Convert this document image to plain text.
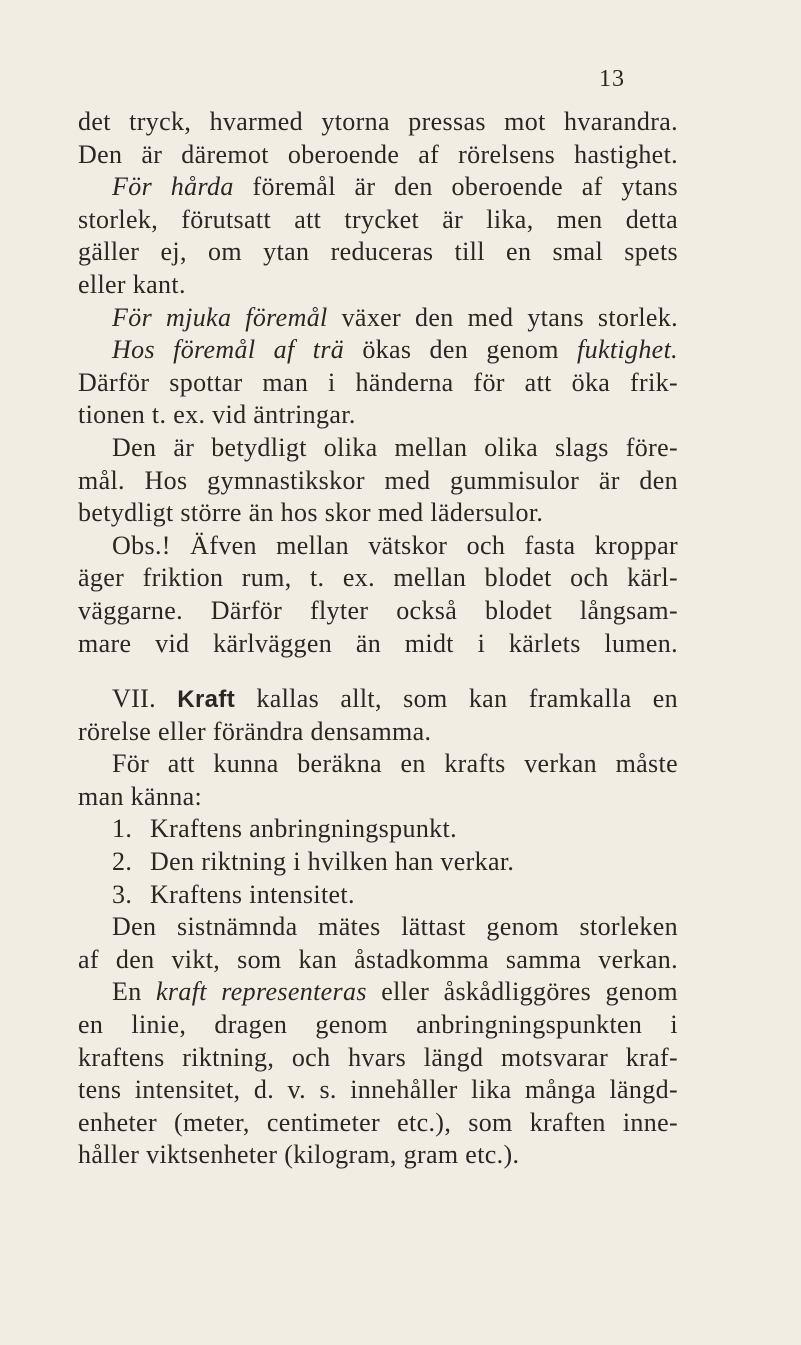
13
det tryck, hvarmed ytorna pressas mot hvarandra.
Den är däremot oberoende af rörelsens hastighet.
För hårda föremål är den oberoende af ytans
storlek, förutsatt att trycket är lika, men detta
gäller ej, om ytan reduceras till en smal spets
eller kant.
För mjuka föremål växer den med ytans storlek.
Hos föremål af trä ökas den genom fuktighet.
Därför spottar man i händerna för att öka frik-
tionen t. ex. vid äntringar.
Den är betydligt olika mellan olika slags före-
mål. Hos gymnastikskor med gummisulor är den
betydligt större än hos skor med lädersulor.
Obs.! Äfven mellan vätskor och fasta kroppar
äger friktion rum, t. ex. mellan blodet och kärl-
väggarne. Därför flyter också blodet långsam-
mare vid kärlväggen än midt i kärlets lumen.
VII. Kraft kallas allt, som kan framkalla en
rörelse eller förändra densamma.
För att kunna beräkna en krafts verkan måste
man känna:
1. Kraftens anbringningspunkt.
2. Den riktning i hvilken han verkar.
3. Kraftens intensitet.
Den sistnämnda mätes lättast genom storleken
af den vikt, som kan åstadkomma samma verkan.
En kraft representeras eller åskådliggöres genom
en linie, dragen genom anbringningspunkten i
kraftens riktning, och hvars längd motsvarar kraf-
tens intensitet, d. v. s. innehåller lika många längd-
enheter (meter, centimeter etc.), som kraften inne-
håller viktsenheter (kilogram, gram etc.).
